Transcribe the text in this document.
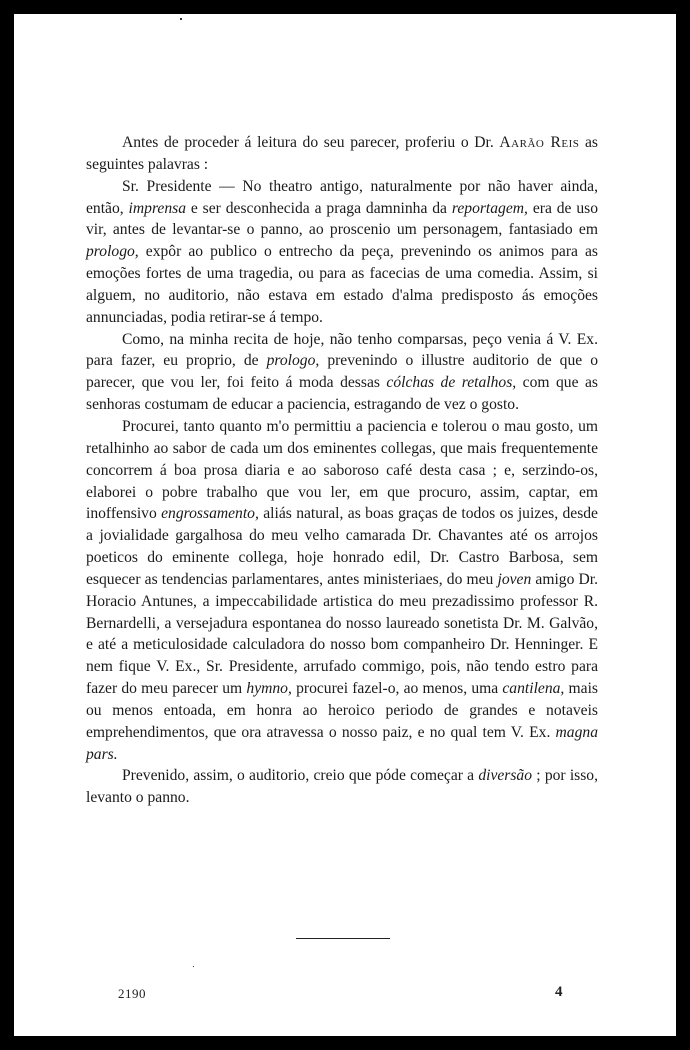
Antes de proceder á leitura do seu parecer, proferiu o Dr. Aarão Reis as seguintes palavras :

Sr. Presidente — No theatro antigo, naturalmente por não haver ainda, então, imprensa e ser desconhecida a praga damninha da reportagem, era de uso vir, antes de levantar-se o panno, ao proscenio um personagem, fantasiado em prologo, expôr ao publico o entrecho da peça, prevenindo os animos para as emoções fortes de uma tragedia, ou para as facecias de uma comedia. Assim, si alguem, no auditorio, não estava em estado d'alma predisposto ás emoções annunciadas, podia retirar-se á tempo.

Como, na minha recita de hoje, não tenho comparsas, peço venia á V. Ex. para fazer, eu proprio, de prologo, prevenindo o illustre auditorio de que o parecer, que vou ler, foi feito á moda dessas cólchas de retalhos, com que as senhoras costumam de educar a paciencia, estragando de vez o gosto.

Procurei, tanto quanto m'o permittiu a paciencia e tolerou o mau gosto, um retalhinho ao sabor de cada um dos eminentes collegas, que mais frequentemente concorrem á boa prosa diaria e ao saboroso café desta casa ; e, serzindo-os, elaborei o pobre trabalho que vou ler, em que procuro, assim, captar, em inoffensivo engrossamento, aliás natural, as boas graças de todos os juizes, desde a jovialidade gargalhosa do meu velho camarada Dr. Chavantes até os arrojos poeticos do eminente collega, hoje honrado edil, Dr. Castro Barbosa, sem esquecer as tendencias parlamentares, antes ministeriaes, do meu joven amigo Dr. Horacio Antunes, a impeccabilidade artistica do meu prezadissimo professor R. Bernardelli, a versejadura espontanea do nosso laureado sonetista Dr. M. Galvão, e até a meticulosidade calculadora do nosso bom companheiro Dr. Henninger. E nem fique V. Ex., Sr. Presidente, arrufado commigo, pois, não tendo estro para fazer do meu parecer um hymno, procurei fazel-o, ao menos, uma cantilena, mais ou menos entoada, em honra ao heroico periodo de grandes e notaveis emprehendimentos, que ora atravessa o nosso paiz, e no qual tem V. Ex. magna pars.

Prevenido, assim, o auditorio, creio que póde começar a diversão ; por isso, levanto o panno.

2190	4
